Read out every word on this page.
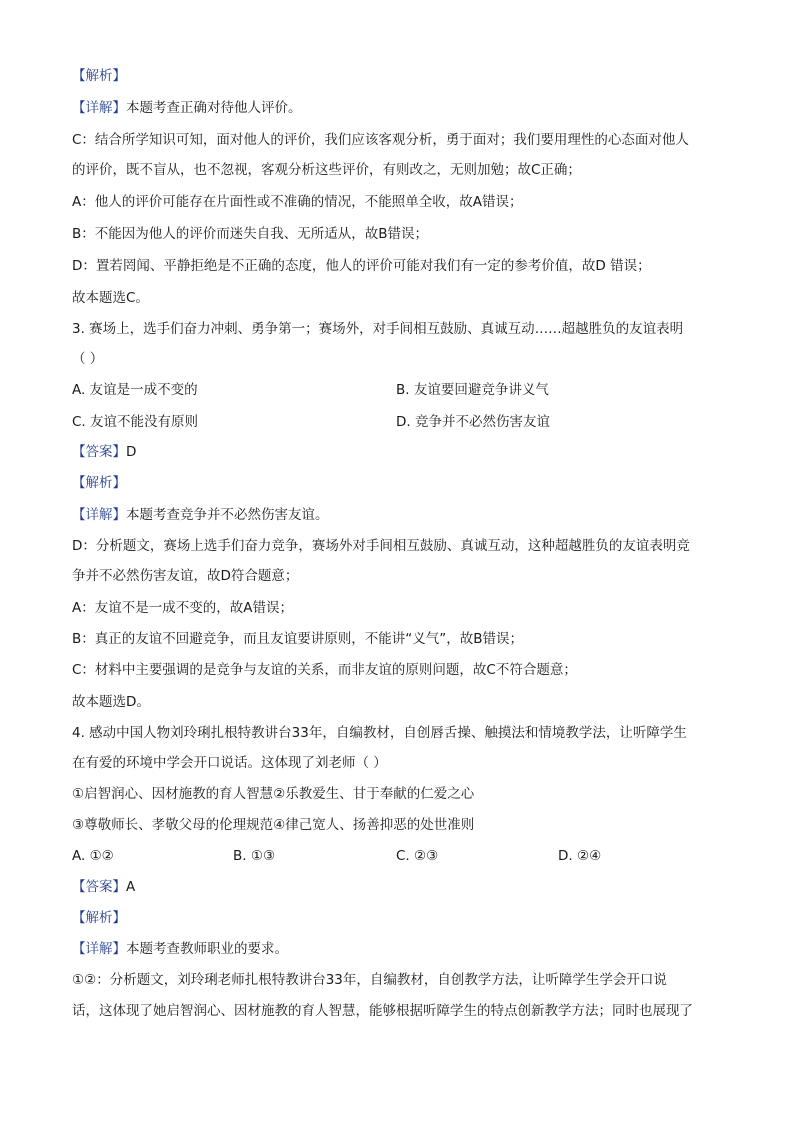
【解析】
【详解】本题考查正确对待他人评价。
C：结合所学知识可知，面对他人的评价，我们应该客观分析，勇于面对；我们要用理性的心态面对他人
的评价，既不盲从，也不忽视，客观分析这些评价，有则改之，无则加勉；故C正确；
A：他人的评价可能存在片面性或不准确的情况，不能照单全收，故A错误；
B：不能因为他人的评价而迷失自我、无所适从，故B错误；
D：置若罔闻、平静拒绝是不正确的态度，他人的评价可能对我们有一定的参考价值，故D 错误；
故本题选C。
3. 赛场上，选手们奋力冲刺、勇争第一；赛场外，对手间相互鼓励、真诚互动……超越胜负的友谊表明
（ ）
A. 友谊是一成不变的	B. 友谊要回避竞争讲义气
C. 友谊不能没有原则	D. 竞争并不必然伤害友谊
【答案】D
【解析】
【详解】本题考查竞争并不必然伤害友谊。
D：分析题文，赛场上选手们奋力竞争，赛场外对手间相互鼓励、真诚互动，这种超越胜负的友谊表明竞
争并不必然伤害友谊，故D符合题意；
A：友谊不是一成不变的，故A错误；
B：真正的友谊不回避竞争，而且友谊要讲原则，不能讲“义气”，故B错误；
C：材料中主要强调的是竞争与友谊的关系，而非友谊的原则问题，故C不符合题意；
故本题选D。
4. 感动中国人物刘玲琍扎根特教讲台33年，自编教材，自创唇舌操、触摸法和情境教学法，让听障学生
在有爱的环境中学会开口说话。这体现了刘老师（ ）
①启智润心、因材施教的育人智慧②乐教爱生、甘于奉献的仁爱之心
③尊敬师长、孝敬父母的伦理规范④律己宽人、扬善抑恶的处世准则
A. ①②	B. ①③	C. ②③	D. ②④
【答案】A
【解析】
【详解】本题考查教师职业的要求。
①②：分析题文，刘玲琍老师扎根特教讲台33年，自编教材，自创教学方法，让听障学生学会开口说
话，这体现了她启智润心、因材施教的育人智慧，能够根据听障学生的特点创新教学方法；同时也展现了
